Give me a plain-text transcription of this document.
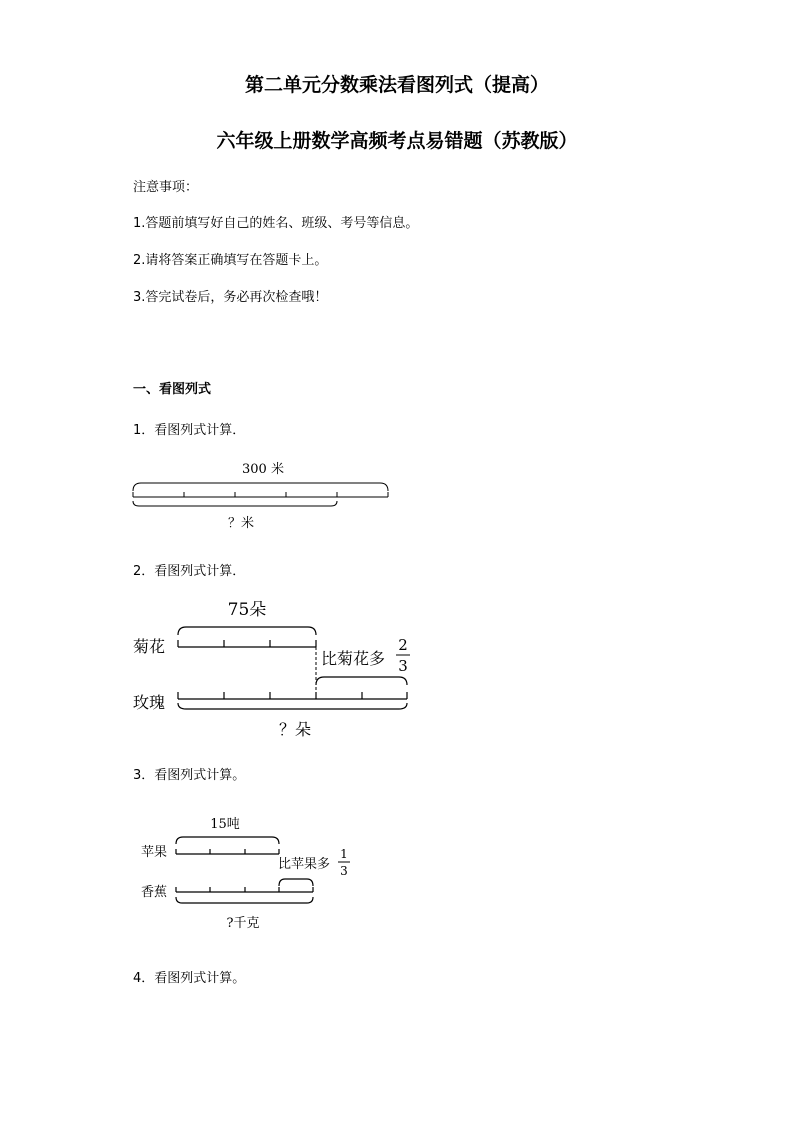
第二单元分数乘法看图列式（提高）
六年级上册数学高频考点易错题（苏教版）
注意事项：
1.答题前填写好自己的姓名、班级、考号等信息。
2.请将答案正确填写在答题卡上。
3.答完试卷后，务必再次检查哦！
一、看图列式
1．看图列式计算．
300 米
？米
2．看图列式计算．
75朵
菊花
比菊花多
2
3
玫瑰
？朵
3．看图列式计算。
15吨
苹果
比苹果多
1
3
香蕉
?千克
4．看图列式计算。
